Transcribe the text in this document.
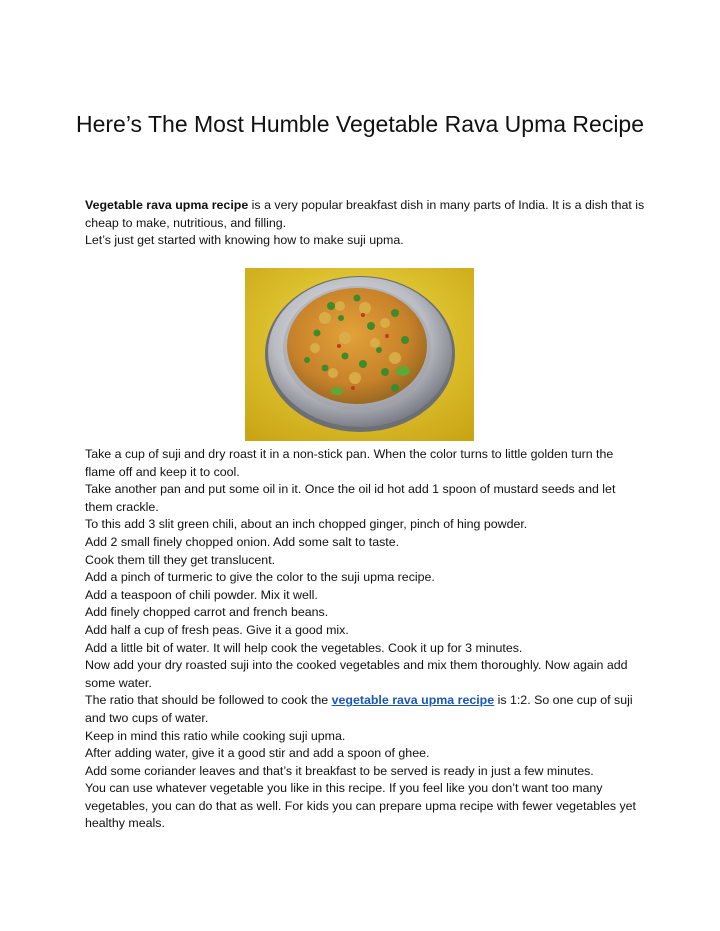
Here’s The Most Humble Vegetable Rava Upma Recipe

Vegetable rava upma recipe is a very popular breakfast dish in many parts of India. It is a dish that is cheap to make, nutritious, and filling.

Let’s just get started with knowing how to make suji upma.

Take a cup of suji and dry roast it in a non-stick pan. When the color turns to little golden turn the flame off and keep it to cool.

Take another pan and put some oil in it. Once the oil id hot add 1 spoon of mustard seeds and let them crackle.

To this add 3 slit green chili, about an inch chopped ginger, pinch of hing powder.

Add 2 small finely chopped onion. Add some salt to taste.

Cook them till they get translucent.

Add a pinch of turmeric to give the color to the suji upma recipe.

Add a teaspoon of chili powder. Mix it well.

Add finely chopped carrot and french beans.

Add half a cup of fresh peas. Give it a good mix.

Add a little bit of water. It will help cook the vegetables. Cook it up for 3 minutes.

Now add your dry roasted suji into the cooked vegetables and mix them thoroughly. Now again add some water.

The ratio that should be followed to cook the vegetable rava upma recipe is 1:2. So one cup of suji and two cups of water.

Keep in mind this ratio while cooking suji upma.

After adding water, give it a good stir and add a spoon of ghee.

Add some coriander leaves and that’s it breakfast to be served is ready in just a few minutes.

You can use whatever vegetable you like in this recipe. If you feel like you don’t want too many vegetables, you can do that as well. For kids you can prepare upma recipe with fewer vegetables yet healthy meals.
